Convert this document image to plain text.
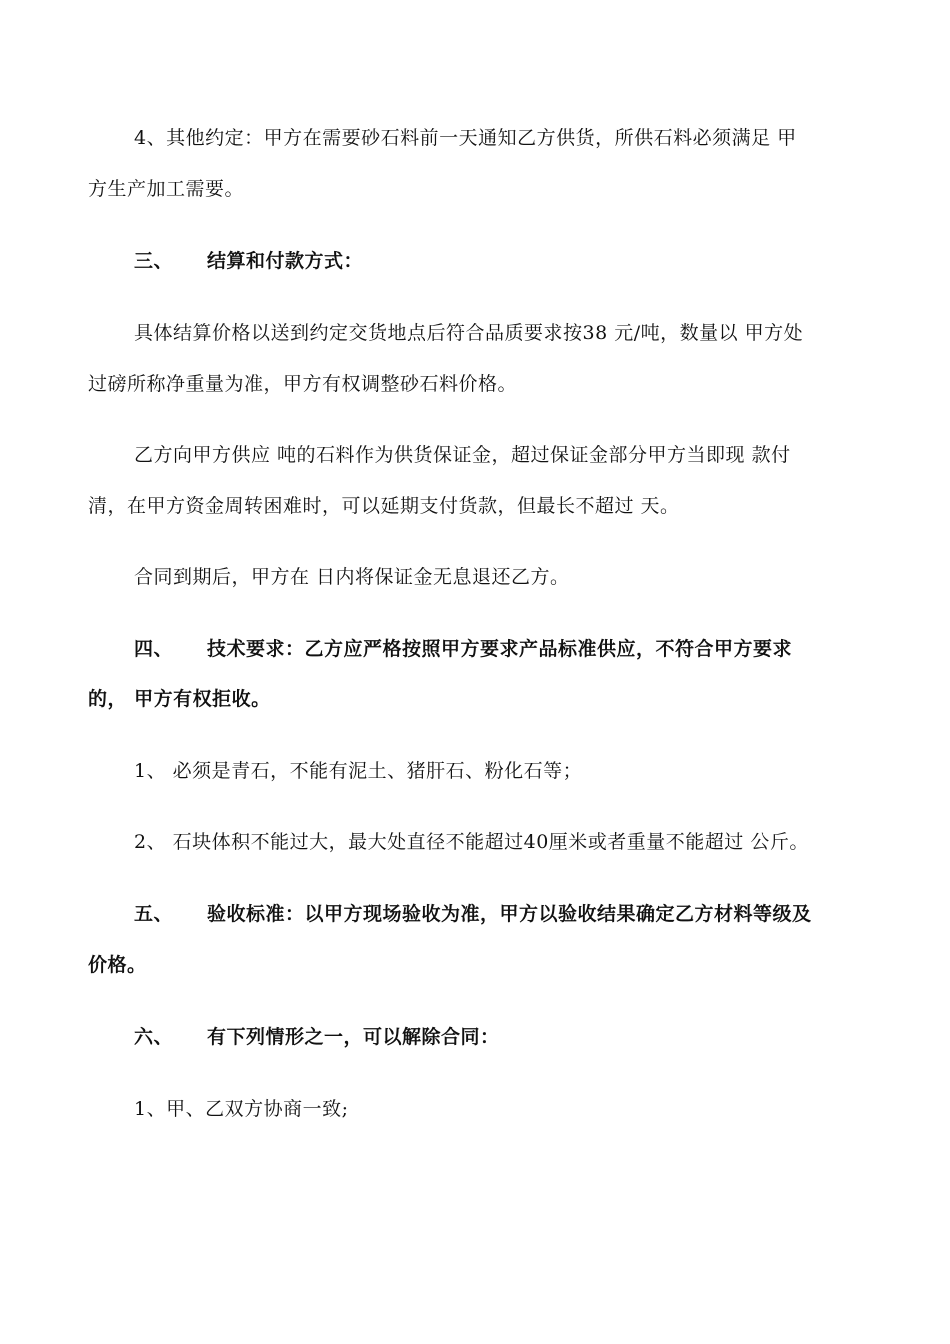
4、其他约定：甲方在需要砂石料前一天通知乙方供货，所供石料必须满足 甲
方生产加工需要。
三、 结算和付款方式：
具体结算价格以送到约定交货地点后符合品质要求按38 元/吨，数量以 甲方处
过磅所称净重量为准，甲方有权调整砂石料价格。
乙方向甲方供应 吨的石料作为供货保证金，超过保证金部分甲方当即现 款付
清，在甲方资金周转困难时，可以延期支付货款，但最长不超过 天。
合同到期后，甲方在 日内将保证金无息退还乙方。
四、 技术要求：乙方应严格按照甲方要求产品标准供应，不符合甲方要求
的， 甲方有权拒收。
1、 必须是青石，不能有泥土、猪肝石、粉化石等；
2、 石块体积不能过大，最大处直径不能超过40厘米或者重量不能超过 公斤。
五、 验收标准：以甲方现场验收为准，甲方以验收结果确定乙方材料等级及
价格。
六、 有下列情形之一，可以解除合同：
1、甲、乙双方协商一致;
